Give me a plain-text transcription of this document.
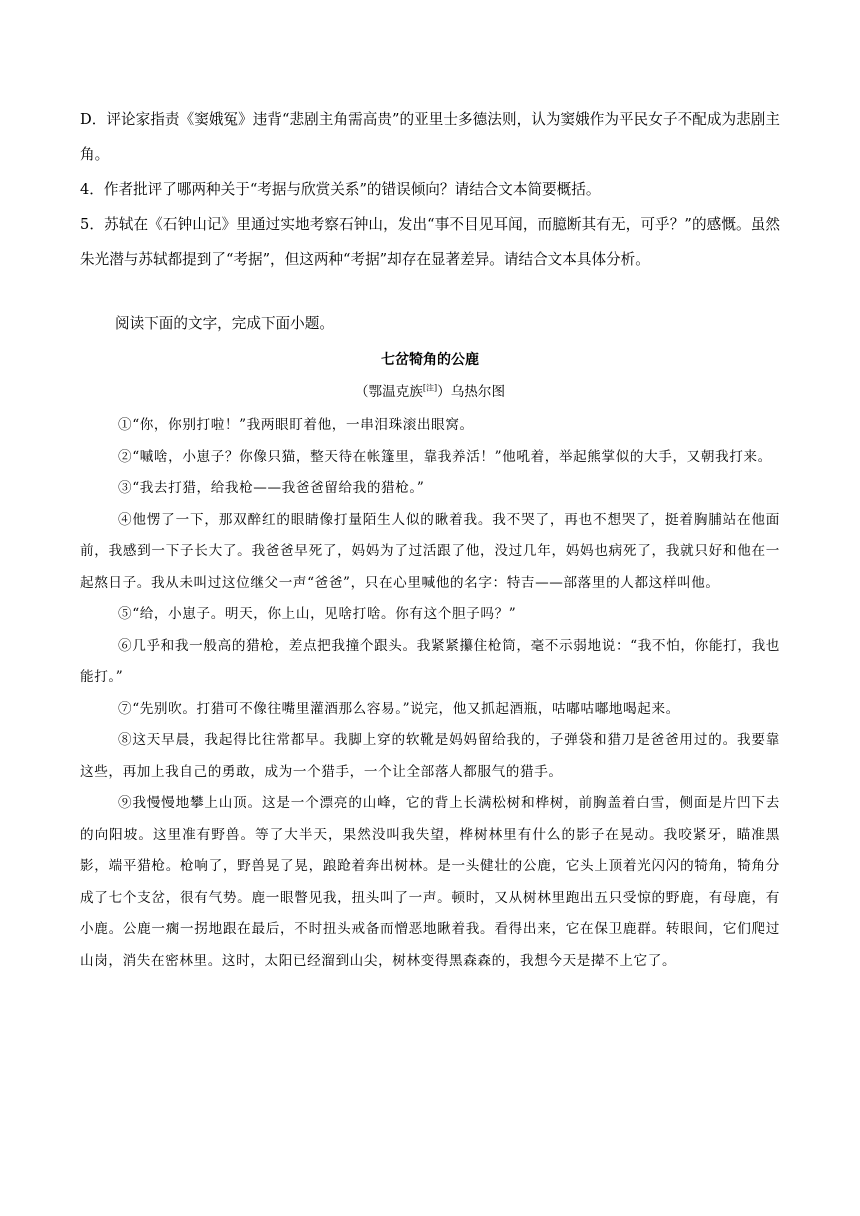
D．评论家指责《窦娥冤》违背“悲剧主角需高贵”的亚里士多德法则，认为窦娥作为平民女子不配成为悲剧主角。
4．作者批评了哪两种关于“考据与欣赏关系”的错误倾向？请结合文本简要概括。
5．苏轼在《石钟山记》里通过实地考察石钟山，发出“事不目见耳闻，而臆断其有无，可乎？”的感慨。虽然朱光潜与苏轼都提到了“考据”，但这两种“考据”却存在显著差异。请结合文本具体分析。

阅读下面的文字，完成下面小题。

七岔犄角的公鹿

（鄂温克族[注]）乌热尔图

①“你，你别打啦！”我两眼盯着他，一串泪珠滚出眼窝。

②“嘁啥，小崽子？你像只猫，整天待在帐篷里，靠我养活！”他吼着，举起熊掌似的大手，又朝我打来。

③“我去打猎，给我枪——我爸爸留给我的猎枪。”

④他愣了一下，那双醉红的眼睛像打量陌生人似的瞅着我。我不哭了，再也不想哭了，挺着胸脯站在他面前，我感到一下子长大了。我爸爸早死了，妈妈为了过活跟了他，没过几年，妈妈也病死了，我就只好和他在一起熬日子。我从未叫过这位继父一声“爸爸”，只在心里喊他的名字：特吉——部落里的人都这样叫他。

⑤“给，小崽子。明天，你上山，见啥打啥。你有这个胆子吗？”

⑥几乎和我一般高的猎枪，差点把我撞个跟头。我紧紧攥住枪筒，毫不示弱地说：“我不怕，你能打，我也能打。”

⑦“先别吹。打猎可不像往嘴里灌酒那么容易。”说完，他又抓起酒瓶，咕嘟咕嘟地喝起来。

⑧这天早晨，我起得比往常都早。我脚上穿的软靴是妈妈留给我的，子弹袋和猎刀是爸爸用过的。我要靠这些，再加上我自己的勇敢，成为一个猎手，一个让全部落人都服气的猎手。

⑨我慢慢地攀上山顶。这是一个漂亮的山峰，它的背上长满松树和桦树，前胸盖着白雪，侧面是片凹下去的向阳坡。这里准有野兽。等了大半天，果然没叫我失望，桦树林里有什么的影子在晃动。我咬紧牙，瞄准黑影，端平猎枪。枪响了，野兽晃了晃，踉跄着奔出树林。是一头健壮的公鹿，它头上顶着光闪闪的犄角，犄角分成了七个支岔，很有气势。鹿一眼瞥见我，扭头叫了一声。顿时，又从树林里跑出五只受惊的野鹿，有母鹿，有小鹿。公鹿一瘸一拐地跟在最后，不时扭头戒备而憎恶地瞅着我。看得出来，它在保卫鹿群。转眼间，它们爬过山岗，消失在密林里。这时，太阳已经溜到山尖，树林变得黑森森的，我想今天是撵不上它了。
